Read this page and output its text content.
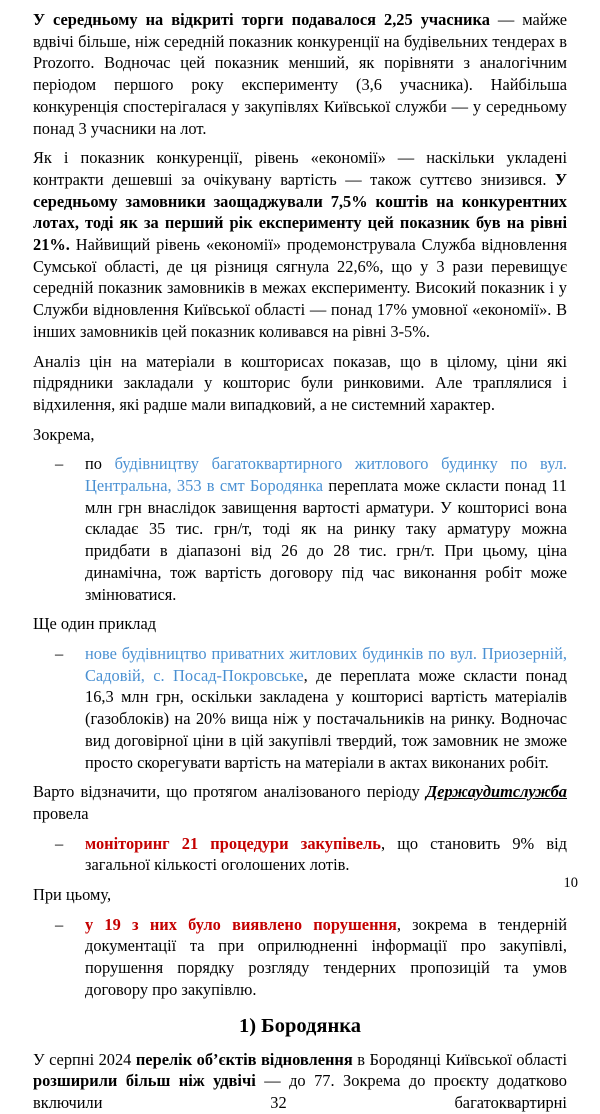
У середньому на відкриті торги подавалося 2,25 учасника — майже вдвічі більше, ніж середній показник конкуренції на будівельних тендерах в Prozorro. Водночас цей показник менший, як порівняти з аналогічним періодом першого року експерименту (3,6 учасника). Найбільша конкуренція спостерігалася у закупівлях Київської служби — у середньому понад 3 учасники на лот.

Як і показник конкуренції, рівень «економії» — наскільки укладені контракти дешевші за очікувану вартість — також суттєво знизився. У середньому замовники заощаджували 7,5% коштів на конкурентних лотах, тоді як за перший рік експерименту цей показник був на рівні 21%. Найвищий рівень «економії» продемонструвала Служба відновлення Сумської області, де ця різниця сягнула 22,6%, що у 3 рази перевищує середній показник замовників в межах експерименту. Високий показник і у Служби відновлення Київської області — понад 17% умовної «економії». В інших замовників цей показник коливався на рівні 3-5%.

Аналіз цін на матеріали в кошторисах показав, що в цілому, ціни які підрядники закладали у кошторис були ринковими. Але траплялися і відхилення, які радше мали випадковий, а не системний характер.

Зокрема,

– по будівництву багатоквартирного житлового будинку по вул. Центральна, 353 в смт Бородянка переплата може скласти понад 11 млн грн внаслідок завищення вартості арматури. У кошторисі вона складає 35 тис. грн/т, тоді як на ринку таку арматуру можна придбати в діапазоні від 26 до 28 тис. грн/т. При цьому, ціна динамічна, тож вартість договору під час виконання робіт може змінюватися.

Ще один приклад

– нове будівництво приватних житлових будинків по вул. Приозерній, Садовій, с. Посад-Покровське, де переплата може скласти понад 16,3 млн грн, оскільки закладена у кошторисі вартість матеріалів (газоблоків) на 20% вища ніж у постачальників на ринку. Водночас вид договірної ціни в цій закупівлі твердий, тож замовник не зможе просто скорегувати вартість на матеріали в актах виконаних робіт.

Варто відзначити, що протягом аналізованого періоду Держаудитслужба провела

– моніторинг 21 процедури закупівель, що становить 9% від загальної кількості оголошених лотів.

При цьому,

– у 19 з них було виявлено порушення, зокрема в тендерній документації та при оприлюдненні інформації про закупівлі, порушення порядку розгляду тендерних пропозицій та умов договору про закупівлю.
1) Бородянка

У серпні 2024 перелік об’єктів відновлення в Бородянці Київської області розширили більш ніж удвічі — до 77. Зокрема до проєкту додатково включили 32 багатоквартирні

10
